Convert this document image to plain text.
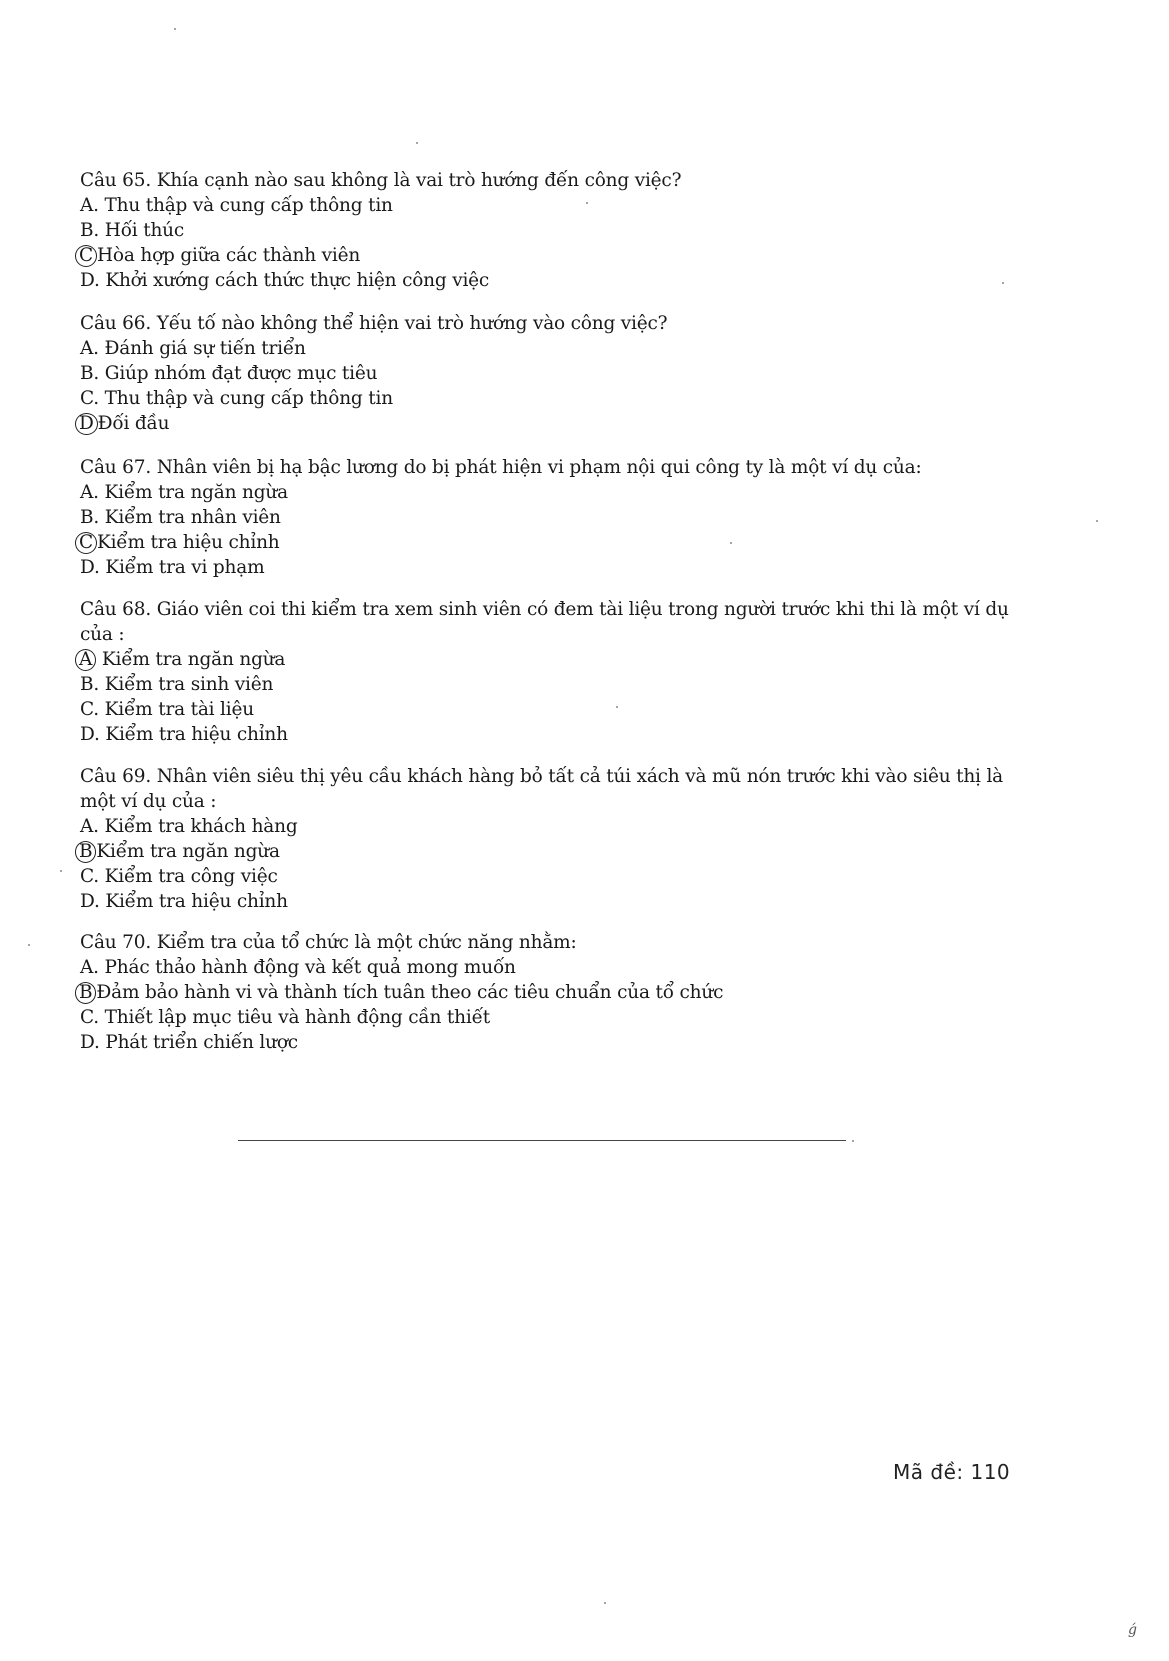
Câu 65. Khía cạnh nào sau không là vai trò hướng đến công việc?
A. Thu thập và cung cấp thông tin
B. Hối thúc
C Hòa hợp giữa các thành viên
D. Khởi xướng cách thức thực hiện công việc
Câu 66. Yếu tố nào không thể hiện vai trò hướng vào công việc?
A. Đánh giá sự tiến triển
B. Giúp nhóm đạt được mục tiêu
C. Thu thập và cung cấp thông tin
D Đối đầu
Câu 67. Nhân viên bị hạ bậc lương do bị phát hiện vi phạm nội qui công ty là một ví dụ của:
A. Kiểm tra ngăn ngừa
B. Kiểm tra nhân viên
C Kiểm tra hiệu chỉnh
D. Kiểm tra vi phạm
Câu 68. Giáo viên coi thi kiểm tra xem sinh viên có đem tài liệu trong người trước khi thi là một ví dụ của :
A Kiểm tra ngăn ngừa
B. Kiểm tra sinh viên
C. Kiểm tra tài liệu
D. Kiểm tra hiệu chỉnh
Câu 69. Nhân viên siêu thị yêu cầu khách hàng bỏ tất cả túi xách và mũ nón trước khi vào siêu thị là một ví dụ của :
A. Kiểm tra khách hàng
B Kiểm tra ngăn ngừa
C. Kiểm tra công việc
D. Kiểm tra hiệu chỉnh
Câu 70. Kiểm tra của tổ chức là một chức năng nhằm:
A. Phác thảo hành động và kết quả mong muốn
B Đảm bảo hành vi và thành tích tuân theo các tiêu chuẩn của tổ chức
C. Thiết lập mục tiêu và hành động cần thiết
D. Phát triển chiến lược
Mã đề: 110
ǵ
